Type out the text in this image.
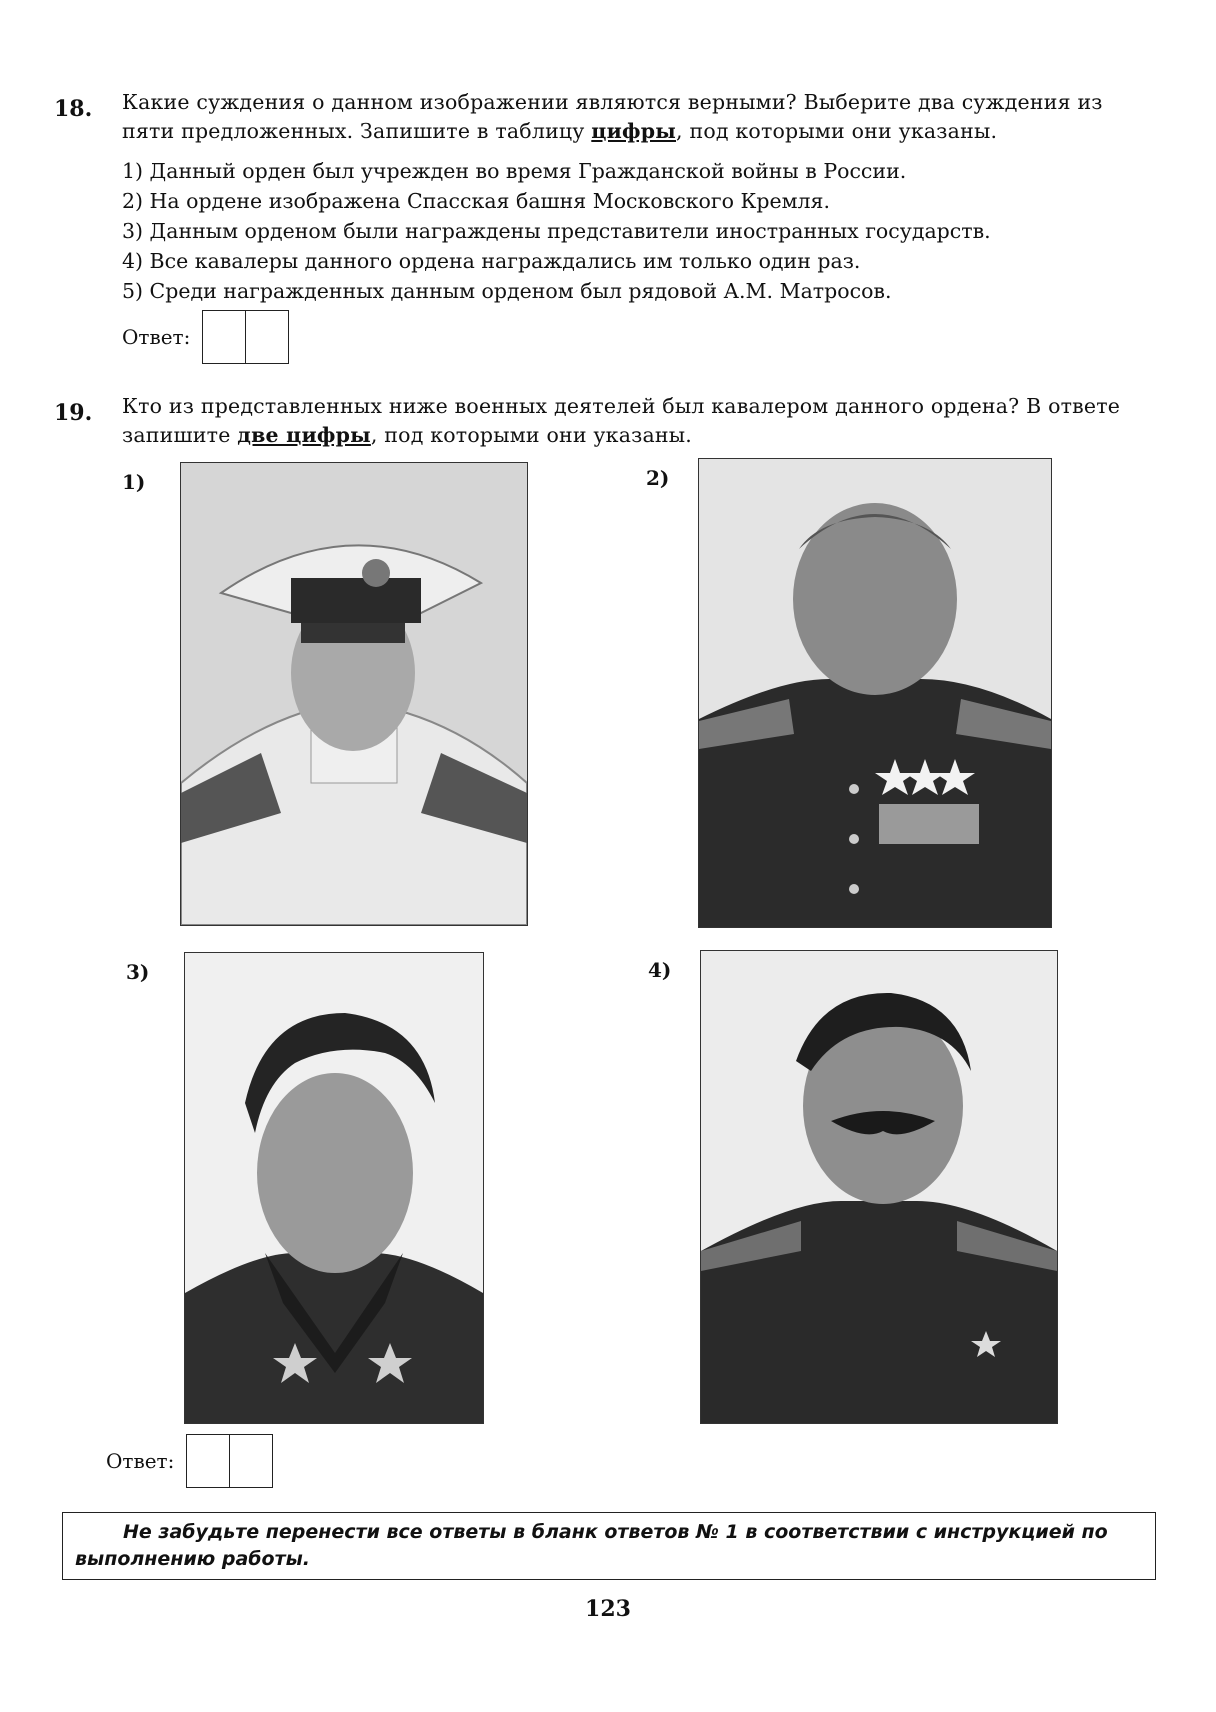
18. Какие суждения о данном изображении являются верными? Выберите два суждения из пяти предложенных. Запишите в таблицу цифры, под которыми они указаны.
1) Данный орден был учрежден во время Гражданской войны в России.
2) На ордене изображена Спасская башня Московского Кремля.
3) Данным орденом были награждены представители иностранных государств.
4) Все кавалеры данного ордена награждались им только один раз.
5) Среди награжденных данным орденом был рядовой А.М. Матросов.
Ответ:
19. Кто из представленных ниже военных деятелей был кавалером данного ордена? В ответе запишите две цифры, под которыми они указаны.
1)	2)
3)	4)
Ответ:
Не забудьте перенести все ответы в бланк ответов № 1 в соответствии с инструкцией по выполнению работы.
123
